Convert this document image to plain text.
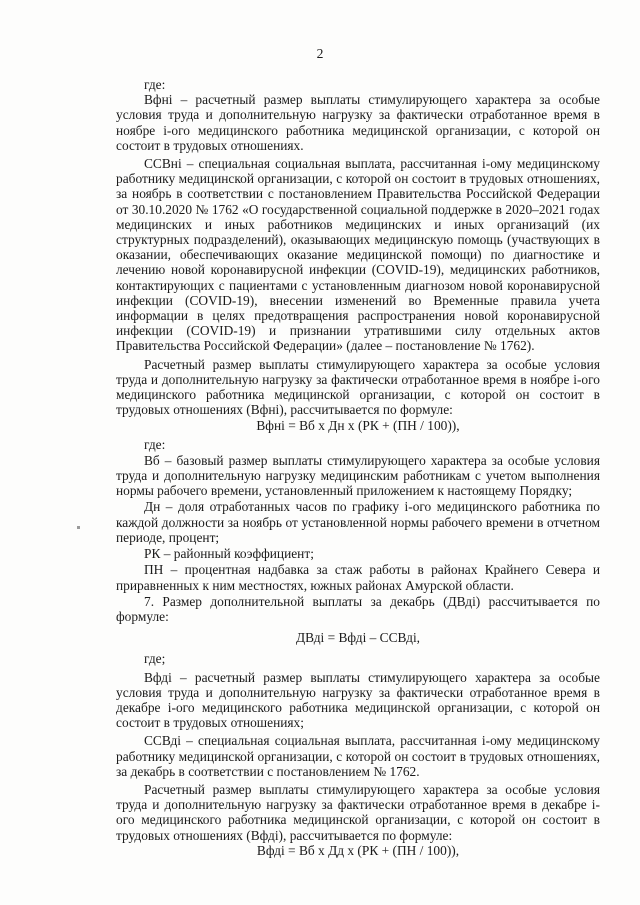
2

где:

Вфні – расчетный размер выплаты стимулирующего характера за особые условия труда и дополнительную нагрузку за фактически отработанное время в ноябре i-ого медицинского работника медицинской организации, с которой он состоит в трудовых отношениях.

ССВні – специальная социальная выплата, рассчитанная i-ому медицинскому работнику медицинской организации, с которой он состоит в трудовых отношениях, за ноябрь в соответствии с постановлением Правительства Российской Федерации от 30.10.2020 № 1762 «О государственной социальной поддержке в 2020–2021 годах медицинских и иных работников медицинских и иных организаций (их структурных подразделений), оказывающих медицинскую помощь (участвующих в оказании, обеспечивающих оказание медицинской помощи) по диагностике и лечению новой коронавирусной инфекции (COVID-19), медицинских работников, контактирующих с пациентами с установленным диагнозом новой коронавирусной инфекции (COVID-19), внесении изменений во Временные правила учета информации в целях предотвращения распространения новой коронавирусной инфекции (COVID-19) и признании утратившими силу отдельных актов Правительства Российской Федерации» (далее – постановление № 1762).

Расчетный размер выплаты стимулирующего характера за особые условия труда и дополнительную нагрузку за фактически отработанное время в ноябре i-ого медицинского работника медицинской организации, с которой он состоит в трудовых отношениях (Вфні), рассчитывается по формуле:

Вфні = Вб х Дн х (РК + (ПН / 100)),

где:

Вб – базовый размер выплаты стимулирующего характера за особые условия труда и дополнительную нагрузку медицинским работникам с учетом выполнения нормы рабочего времени, установленный приложением к настоящему Порядку;

Дн – доля отработанных часов по графику i-ого медицинского работника по каждой должности за ноябрь от установленной нормы рабочего времени в отчетном периоде, процент;

РК – районный коэффициент;

ПН – процентная надбавка за стаж работы в районах Крайнего Севера и приравненных к ним местностях, южных районах Амурской области.

7. Размер дополнительной выплаты за декабрь (ДВдi) рассчитывается по формуле:

ДВдi = Вфдi – ССВдi,

где;

Вфдi – расчетный размер выплаты стимулирующего характера за особые условия труда и дополнительную нагрузку за фактически отработанное время в декабре i-ого медицинского работника медицинской организации, с которой он состоит в трудовых отношениях;

ССВдi – специальная социальная выплата, рассчитанная i-ому медицинскому работнику медицинской организации, с которой он состоит в трудовых отношениях, за декабрь в соответствии с постановлением № 1762.

Расчетный размер выплаты стимулирующего характера за особые условия труда и дополнительную нагрузку за фактически отработанное время в декабре i-ого медицинского работника медицинской организации, с которой он состоит в трудовых отношениях (Вфдi), рассчитывается по формуле:

Вфдi = Вб х Дд х (РК + (ПН / 100)),
